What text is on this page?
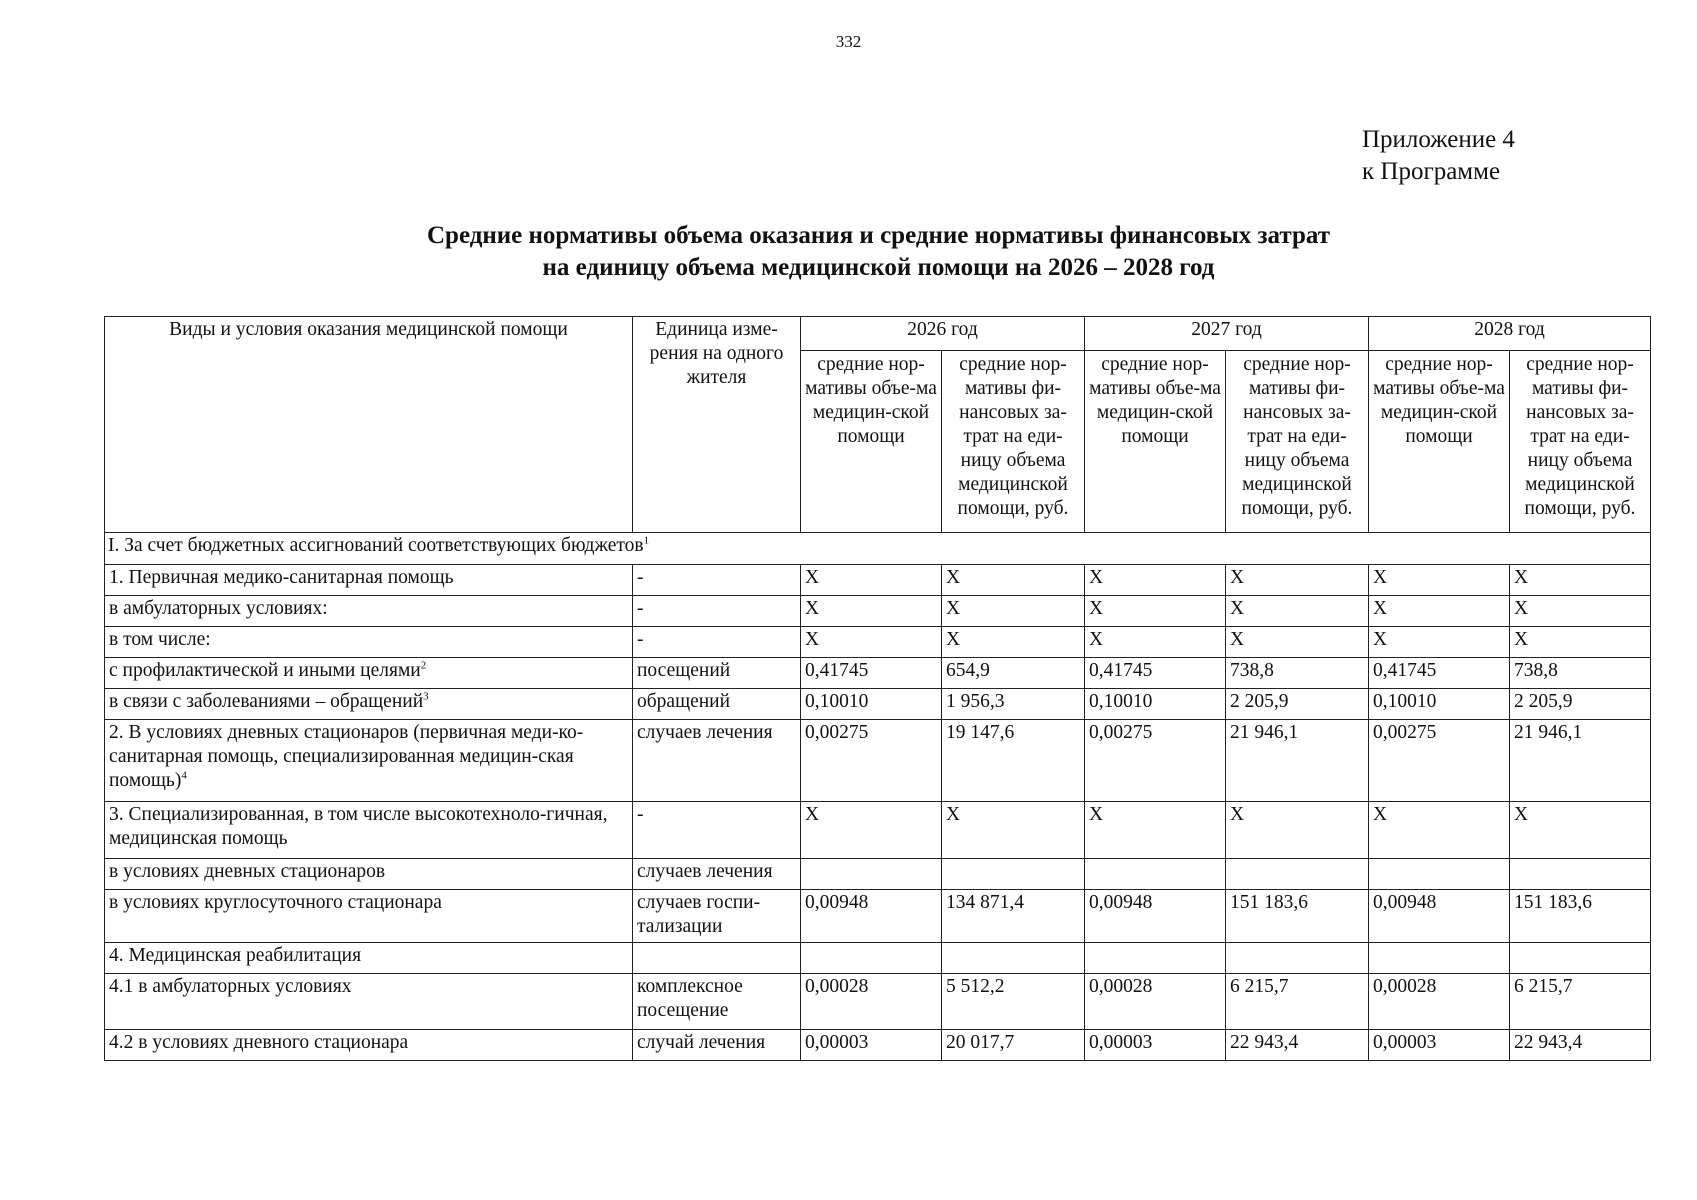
332
Приложение 4
к Программе
Средние нормативы объема оказания и средние нормативы финансовых затрат
на единицу объема медицинской помощи на 2026 – 2028 год
Виды и условия оказания медицинской помощи	Единица изме-рения на одного жителя	2026 год		2027 год		2028 год	
		средние нор-мативы объе-ма медицин-ской помощи	средние нор-мативы фи-нансовых за-трат на еди-ницу объема медицинской помощи, руб.	средние нор-мативы объе-ма медицин-ской помощи	средние нор-мативы фи-нансовых за-трат на еди-ницу объема медицинской помощи, руб.	средние нор-мативы объе-ма медицин-ской помощи	средние нор-мативы фи-нансовых за-трат на еди-ницу объема медицинской помощи, руб.
I. За счет бюджетных ассигнований соответствующих бюджетов$^1$
1. Первичная медико-санитарная помощь	-	X	X	X	X	X	X
в амбулаторных условиях:	-	X	X	X	X	X	X
в том числе:	-	X	X	X	X	X	X
с профилактической и иными целями$^2$	посещений	0,41745	654,9	0,41745	738,8	0,41745	738,8
в связи с заболеваниями – обращений$^3$	обращений	0,10010	1 956,3	0,10010	2 205,9	0,10010	2 205,9
2. В условиях дневных стационаров (первичная меди-ко-санитарная помощь, специализированная медицин-ская помощь)$^4$	случаев лечения	0,00275	19 147,6	0,00275	21 946,1	0,00275	21 946,1
3. Специализированная, в том числе высокотехноло-гичная, медицинская помощь	-	X	X	X	X	X	X
в условиях дневных стационаров	случаев лечения						
в условиях круглосуточного стационара	случаев госпи-тализации	0,00948	134 871,4	0,00948	151 183,6	0,00948	151 183,6
4. Медицинская реабилитация							
4.1 в амбулаторных условиях	комплексное посещение	0,00028	5 512,2	0,00028	6 215,7	0,00028	6 215,7
4.2 в условиях дневного стационара	случай лечения	0,00003	20 017,7	0,00003	22 943,4	0,00003	22 943,4
